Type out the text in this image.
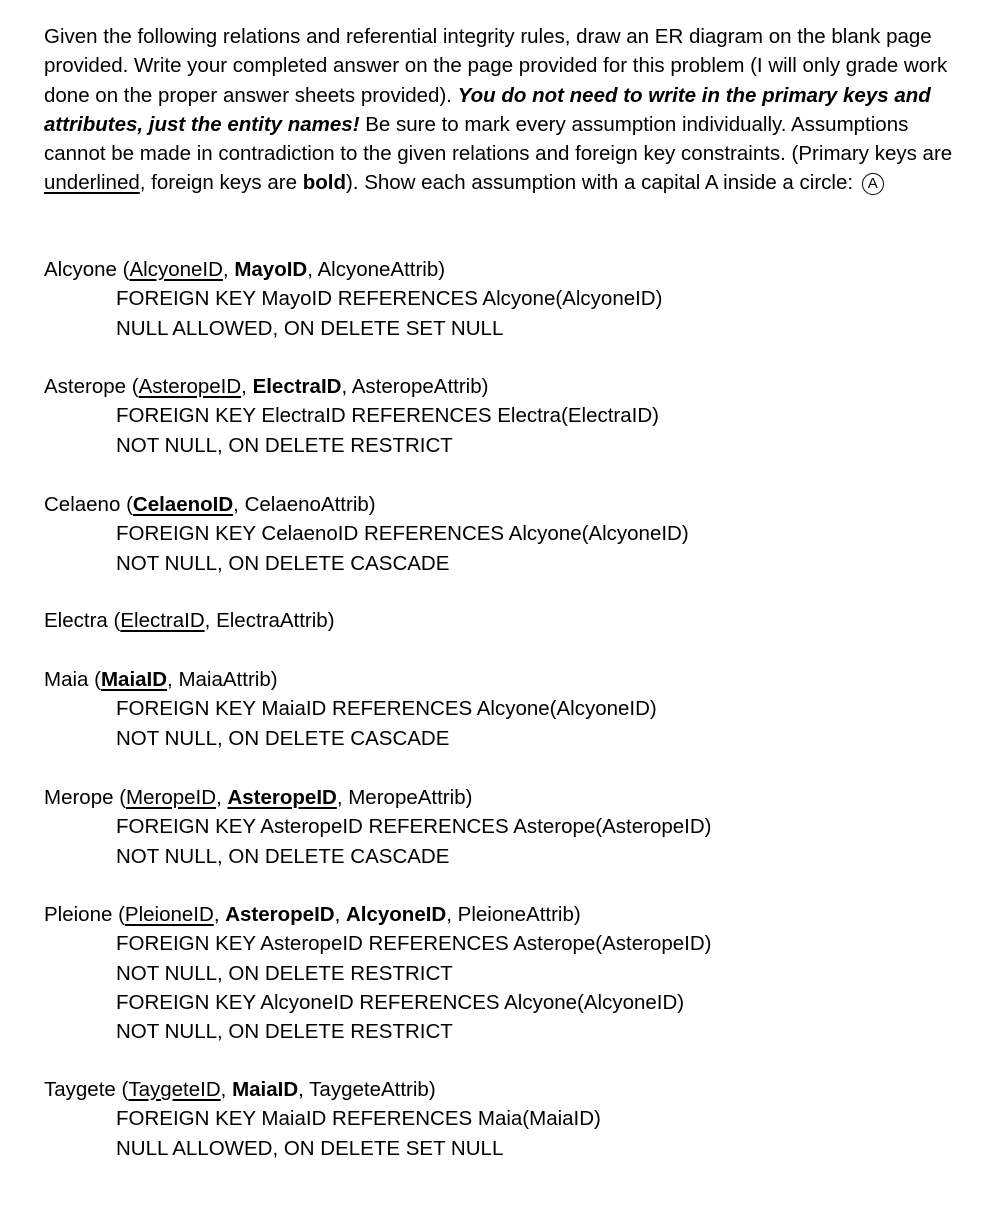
Given the following relations and referential integrity rules, draw an ER diagram on the blank page provided. Write your completed answer on the page provided for this problem (I will only grade work done on the proper answer sheets provided). You do not need to write in the primary keys and attributes, just the entity names! Be sure to mark every assumption individually. Assumptions cannot be made in contradiction to the given relations and foreign key constraints. (Primary keys are underlined, foreign keys are bold). Show each assumption with a capital A inside a circle: A

Alcyone (AlcyoneID, MayoID, AlcyoneAttrib)
FOREIGN KEY MayoID REFERENCES Alcyone(AlcyoneID)
NULL ALLOWED, ON DELETE SET NULL
Asterope (AsteropeID, ElectraID, AsteropeAttrib)
FOREIGN KEY ElectraID REFERENCES Electra(ElectraID)
NOT NULL, ON DELETE RESTRICT
Celaeno (CelaenoID, CelaenoAttrib)
FOREIGN KEY CelaenoID REFERENCES Alcyone(AlcyoneID)
NOT NULL, ON DELETE CASCADE
Electra (ElectraID, ElectraAttrib)
Maia (MaiaID, MaiaAttrib)
FOREIGN KEY MaiaID REFERENCES Alcyone(AlcyoneID)
NOT NULL, ON DELETE CASCADE
Merope (MeropeID, AsteropeID, MeropeAttrib)
FOREIGN KEY AsteropeID REFERENCES Asterope(AsteropeID)
NOT NULL, ON DELETE CASCADE
Pleione (PleioneID, AsteropeID, AlcyoneID, PleioneAttrib)
FOREIGN KEY AsteropeID REFERENCES Asterope(AsteropeID)
NOT NULL, ON DELETE RESTRICT
FOREIGN KEY AlcyoneID REFERENCES Alcyone(AlcyoneID)
NOT NULL, ON DELETE RESTRICT
Taygete (TaygeteID, MaiaID, TaygeteAttrib)
FOREIGN KEY MaiaID REFERENCES Maia(MaiaID)
NULL ALLOWED, ON DELETE SET NULL
